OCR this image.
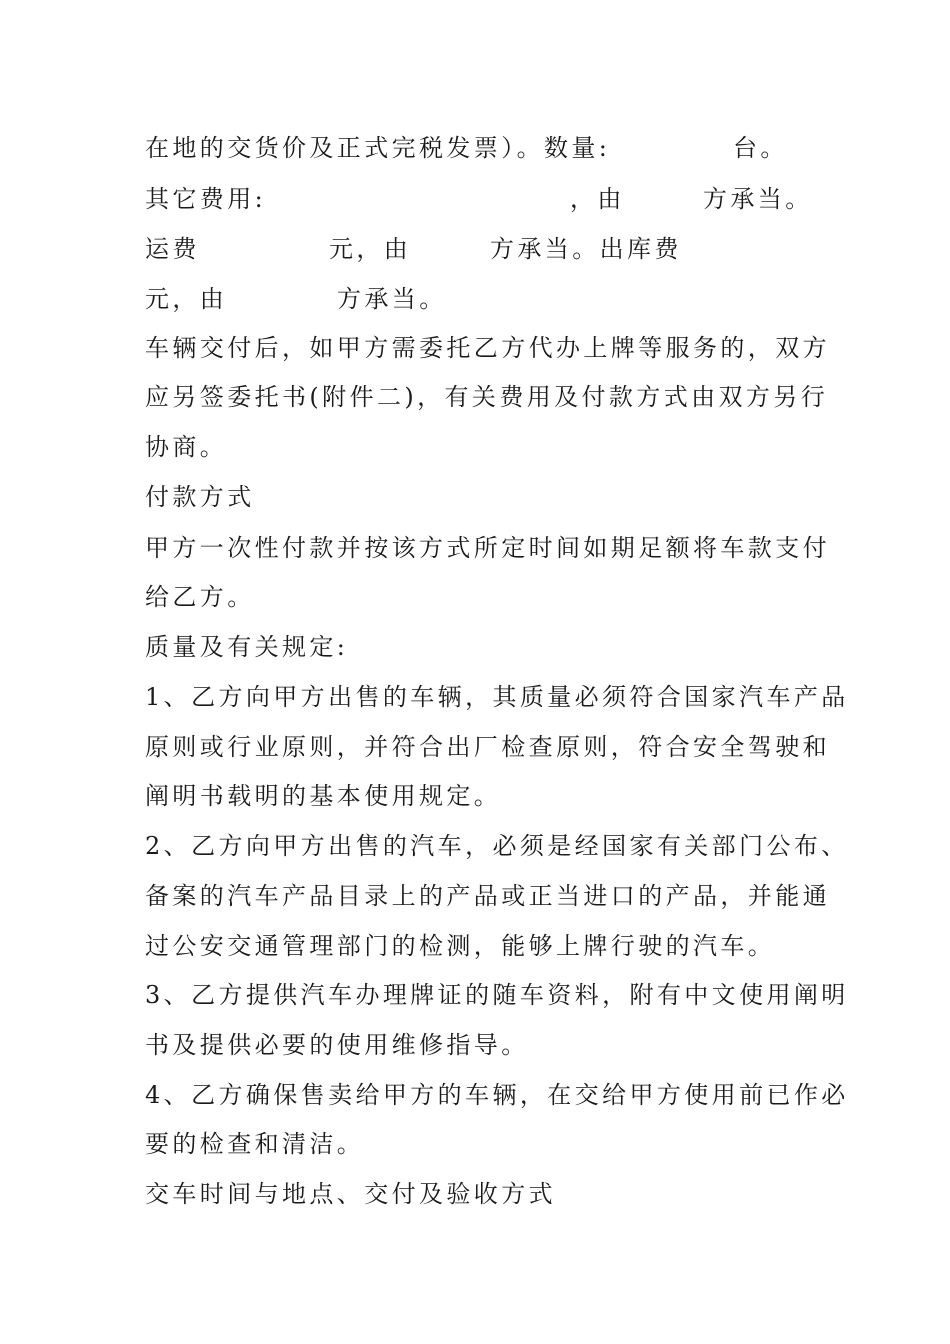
在地的交货价及正式完税发票）。数量:	台。
其它费用:	，由	方承当。
运费	元，由	方承当。出库费
元，由	方承当。
车辆交付后，如甲方需委托乙方代办上牌等服务的，双方
应另签委托书(附件二)，有关费用及付款方式由双方另行
协商。
付款方式
甲方一次性付款并按该方式所定时间如期足额将车款支付
给乙方。
质量及有关规定:
1、乙方向甲方出售的车辆，其质量必须符合国家汽车产品
原则或行业原则，并符合出厂检查原则，符合安全驾驶和
阐明书载明的基本使用规定。
2、乙方向甲方出售的汽车，必须是经国家有关部门公布、
备案的汽车产品目录上的产品或正当进口的产品，并能通
过公安交通管理部门的检测，能够上牌行驶的汽车。
3、乙方提供汽车办理牌证的随车资料，附有中文使用阐明
书及提供必要的使用维修指导。
4、乙方确保售卖给甲方的车辆，在交给甲方使用前已作必
要的检查和清洁。
交车时间与地点、交付及验收方式
